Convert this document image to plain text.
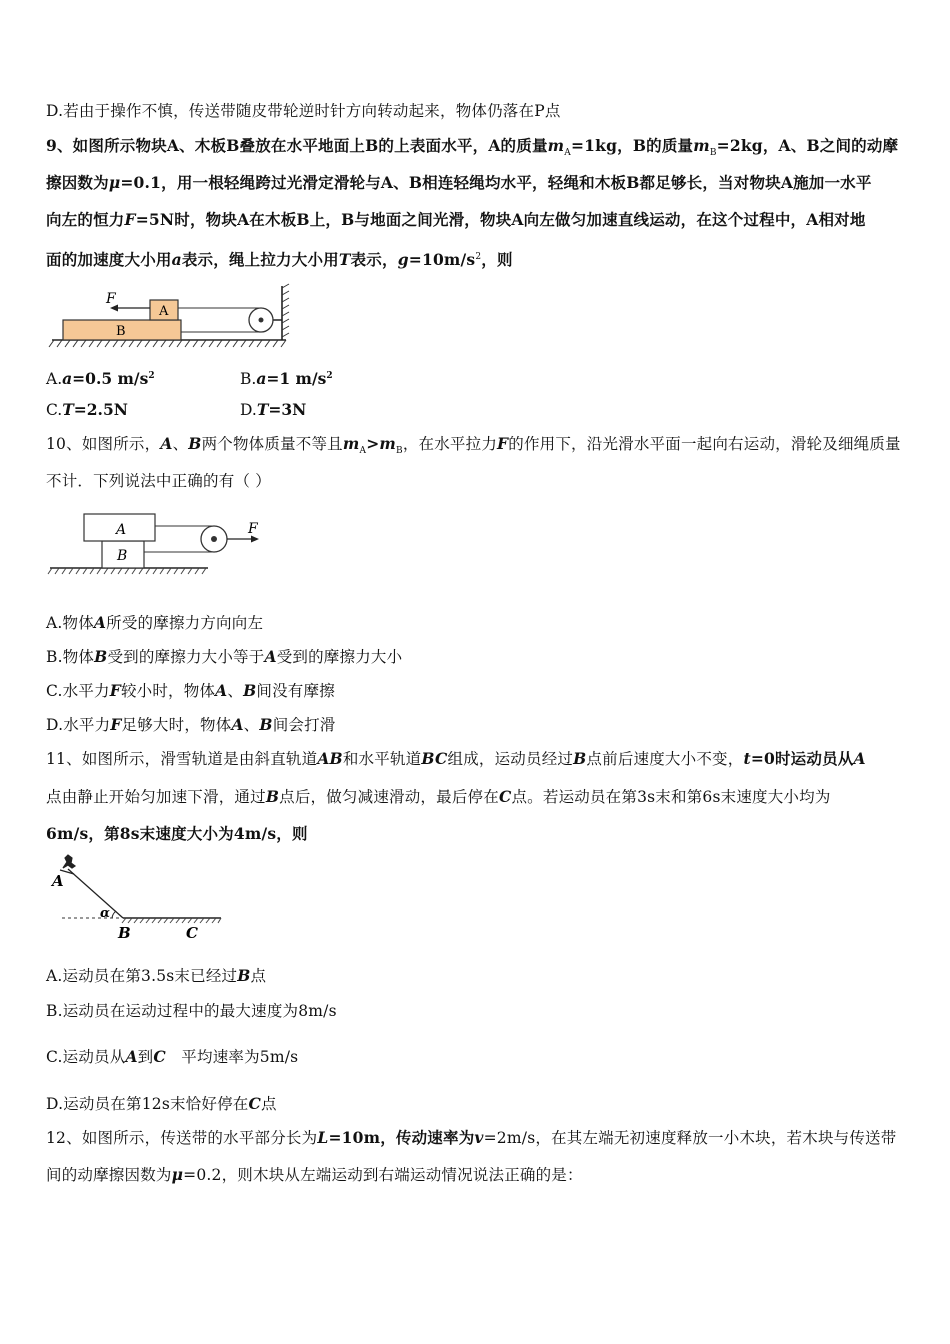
D.若由于操作不慎，传送带随皮带轮逆时针方向转动起来，物体仍落在P点
9、如图所示物块A、木板B叠放在水平地面上B的上表面水平，A的质量$m_A=1kg$，B的质量$m_B=2kg$，A、B之间的动摩
擦因数为μ=0.1，用一根轻绳跨过光滑定滑轮与A、B相连轻绳均水平，轻绳和木板B都足够长，当对物块A施加一水平
向左的恒力F=5N时，物块A在木板B上，B与地面之间光滑，物块A向左做匀加速直线运动，在这个过程中，A相对地
面的加速度大小用a表示，绳上拉力大小用T表示，$g=10m/s^2$，则
F
A
B
A.a=0.5 $m/s^2$	B.a=1 $m/s^2$
C.T=2.5N	D.T=3N
10、如图所示，A、B两个物体质量不等且$m_A>m_B$，在水平拉力F的作用下，沿光滑水平面一起向右运动，滑轮及细绳质量
不计．下列说法中正确的有（ ）
F
A
B
A.物体A所受的摩擦力方向向左
B.物体B受到的摩擦力大小等于A受到的摩擦力大小
C.水平力F较小时，物体A、B间没有摩擦
D.水平力F足够大时，物体A、B间会打滑
11、如图所示，滑雪轨道是由斜直轨道AB和水平轨道BC组成，运动员经过B点前后速度大小不变，t=0时运动员从A
点由静止开始匀加速下滑，通过B点后，做匀减速滑动，最后停在C点。若运动员在第3s末和第6s末速度大小均为
6m/s，第8s末速度大小为4m/s，则
A
α
B	C
A.运动员在第3.5s末已经过B点
B.运动员在运动过程中的最大速度为8m/s
C.运动员从A到C   平均速率为5m/s
D.运动员在第12s末恰好停在C点
12、如图所示，传送带的水平部分长为L=10m，传动速率为v=2m/s，在其左端无初速度释放一小木块，若木块与传送带
间的动摩擦因数为μ=0.2，则木块从左端运动到右端运动情况说法正确的是：
